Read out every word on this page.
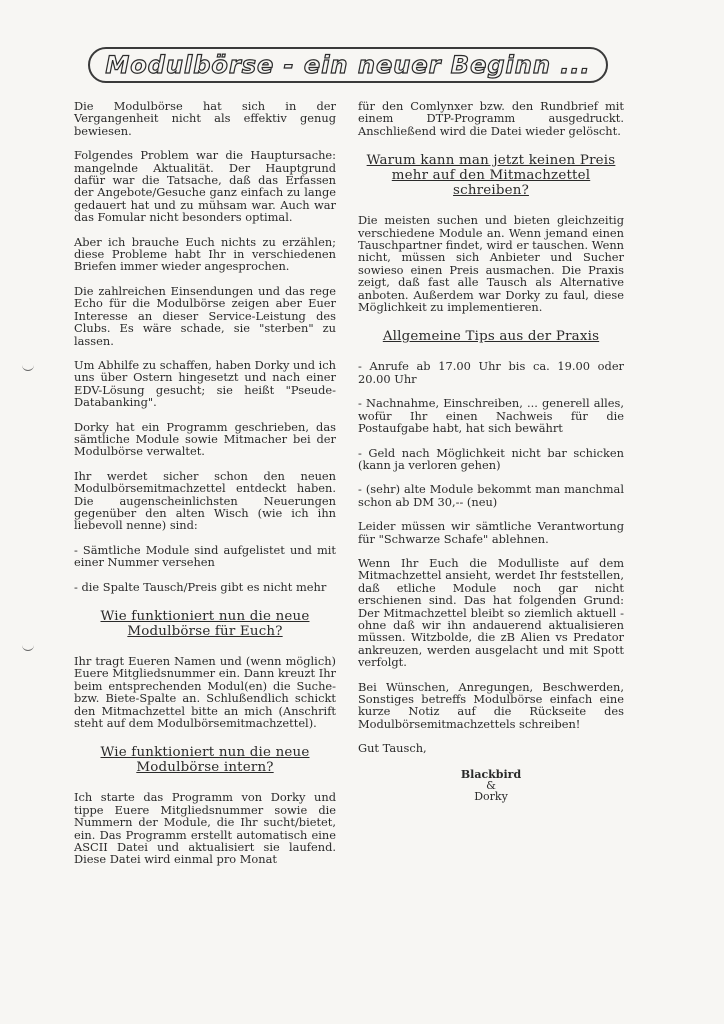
Modulbörse - ein neuer Beginn ...

Die Modulbörse hat sich in der Vergangenheit nicht als effektiv genug bewiesen.

Folgendes Problem war die Hauptursache: mangelnde Aktualität. Der Hauptgrund dafür war die Tatsache, daß das Erfassen der Angebote/Gesuche ganz einfach zu lange gedauert hat und zu mühsam war. Auch war das Fomular nicht besonders optimal.

Aber ich brauche Euch nichts zu erzählen; diese Probleme habt Ihr in verschiedenen Briefen immer wieder angesprochen.

Die zahlreichen Einsendungen und das rege Echo für die Modulbörse zeigen aber Euer Interesse an dieser Service-Leistung des Clubs. Es wäre schade, sie "sterben" zu lassen.

Um Abhilfe zu schaffen, haben Dorky und ich uns über Ostern hingesetzt und nach einer EDV-Lösung gesucht; sie heißt "Pseude-Databanking".

Dorky hat ein Programm geschrieben, das sämtliche Module sowie Mitmacher bei der Modulbörse verwaltet.

Ihr werdet sicher schon den neuen Modulbörsemitmachzettel entdeckt haben. Die augenscheinlichsten Neuerungen gegenüber den alten Wisch (wie ich ihn liebevoll nenne) sind:

- Sämtliche Module sind aufgelistet und mit einer Nummer versehen

- die Spalte Tausch/Preis gibt es nicht mehr

Wie funktioniert nun die neue Modulbörse für Euch?

Ihr tragt Eueren Namen und (wenn möglich) Euere Mitgliedsnummer ein. Dann kreuzt Ihr beim entsprechenden Modul(en) die Suche- bzw. Biete-Spalte an. Schlußendlich schickt den Mitmachzettel bitte an mich (Anschrift steht auf dem Modulbörsemitmachzettel).

Wie funktioniert nun die neue Modulbörse intern?

Ich starte das Programm von Dorky und tippe Euere Mitgliedsnummer sowie die Nummern der Module, die Ihr sucht/bietet, ein. Das Programm erstellt automatisch eine ASCII Datei und aktualisiert sie laufend. Diese Datei wird einmal pro Monat

für den Comlynxer bzw. den Rundbrief mit einem DTP-Programm ausgedruckt. Anschließend wird die Datei wieder gelöscht.

Warum kann man jetzt keinen Preis mehr auf den Mitmachzettel schreiben?

Die meisten suchen und bieten gleichzeitig verschiedene Module an. Wenn jemand einen Tauschpartner findet, wird er tauschen. Wenn nicht, müssen sich Anbieter und Sucher sowieso einen Preis ausmachen. Die Praxis zeigt, daß fast alle Tausch als Alternative anboten. Außerdem war Dorky zu faul, diese Möglichkeit zu implementieren.

Allgemeine Tips aus der Praxis

- Anrufe ab 17.00 Uhr bis ca. 19.00 oder 20.00 Uhr

- Nachnahme, Einschreiben, ... generell alles, wofür Ihr einen Nachweis für die Postaufgabe habt, hat sich bewährt

- Geld nach Möglichkeit nicht bar schicken (kann ja verloren gehen)

- (sehr) alte Module bekommt man manchmal schon ab DM 30,-- (neu)

Leider müssen wir sämtliche Verantwortung für "Schwarze Schafe" ablehnen.

Wenn Ihr Euch die Modulliste auf dem Mitmachzettel ansieht, werdet Ihr feststellen, daß etliche Module noch gar nicht erschienen sind. Das hat folgenden Grund: Der Mitmachzettel bleibt so ziemlich aktuell - ohne daß wir ihn andauerend aktualisieren müssen. Witzbolde, die zB Alien vs Predator ankreuzen, werden ausgelacht und mit Spott verfolgt.

Bei Wünschen, Anregungen, Beschwerden, Sonstiges betreffs Modulbörse einfach eine kurze Notiz auf die Rückseite des Modulbörsemitmachzettels schreiben!

Gut Tausch,

Blackbird
&
Dorky
